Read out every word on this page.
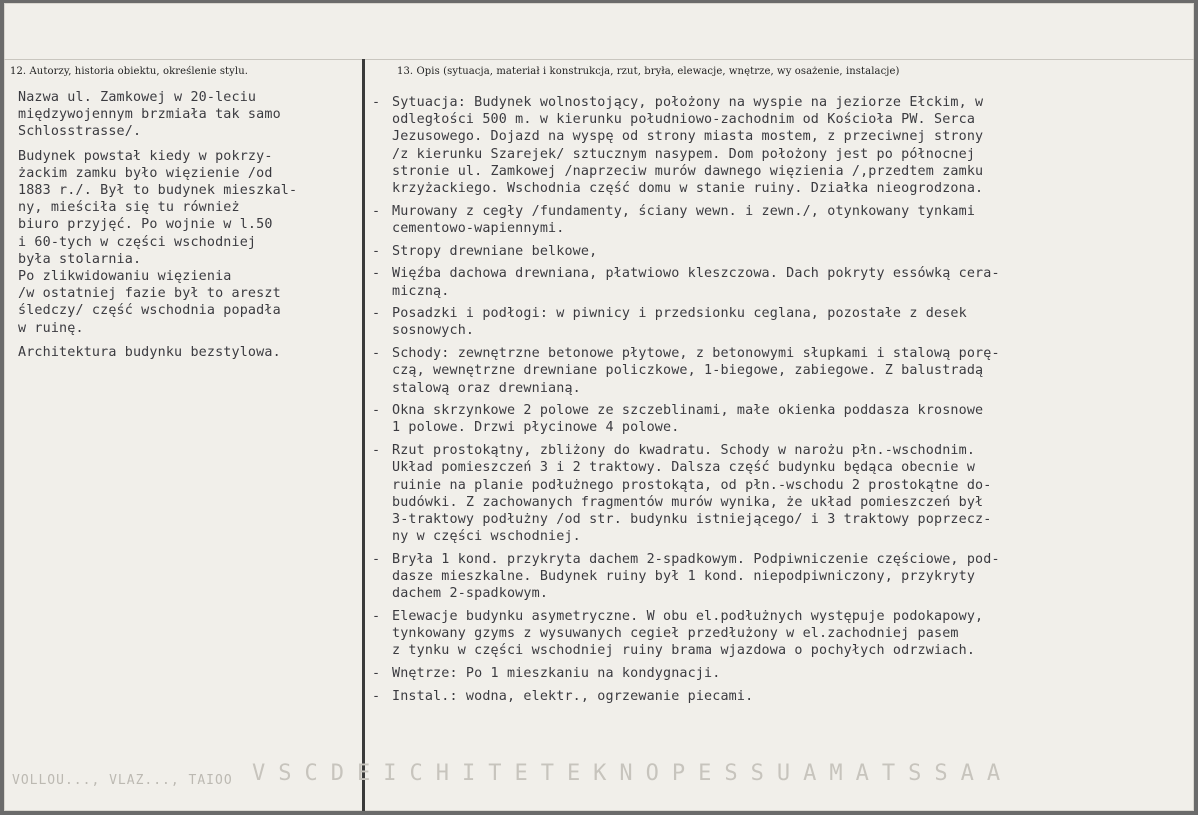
12. Autorzy, historia obiektu, określenie stylu.	13. Opis (sytuacja, materiał i konstrukcja, rzut, bryła, elewacje, wnętrze, wy osażenie, instalacje)
Nazwa ul. Zamkowej w 20-leciu
międzywojennym brzmiała tak samo
Schlosstrasse/.
Budynek powstał kiedy w pokrzy-
żackim zamku było więzienie /od
1883 r./. Był to budynek mieszkal-
ny, mieściła się tu również
biuro przyjęć. Po wojnie w l.50
i 60-tych w części wschodniej
była stolarnia.
Po zlikwidowaniu więzienia
/w ostatniej fazie był to areszt
śledczy/ część wschodnia popadła
w ruinę.
Architektura budynku bezstylowa.
- Sytuacja: Budynek wolnostojący, położony na wyspie na jeziorze Ełckim, w
odległości 500 m. w kierunku południowo-zachodnim od Kościoła PW. Serca
Jezusowego. Dojazd na wyspę od strony miasta mostem, z przeciwnej strony
/z kierunku Szarejek/ sztucznym nasypem. Dom położony jest po północnej
stronie ul. Zamkowej /naprzeciw murów dawnego więzienia /,przedtem zamku
krzyżackiego. Wschodnia część domu w stanie ruiny. Działka nieogrodzona.
- Murowany z cegły /fundamenty, ściany wewn. i zewn./, otynkowany tynkami
cementowo-wapiennymi.
- Stropy drewniane belkowe,
- Więźba dachowa drewniana, płatwiowo kleszczowa. Dach pokryty essówką cera-
miczną.
- Posadzki i podłogi: w piwnicy i przedsionku ceglana, pozostałe z desek
sosnowych.
- Schody: zewnętrzne betonowe płytowe, z betonowymi słupkami i stalową porę-
czą, wewnętrzne drewniane policzkowe, 1-biegowe, zabiegowe. Z balustradą
stalową oraz drewnianą.
- Okna skrzynkowe 2 polowe ze szczeblinami, małe okienka poddasza krosnowe
1 polowe. Drzwi płycinowe 4 polowe.
- Rzut prostokątny, zbliżony do kwadratu. Schody w narożu płn.-wschodnim.
Układ pomieszczeń 3 i 2 traktowy. Dalsza część budynku będąca obecnie w
ruinie na planie podłużnego prostokąta, od płn.-wschodu 2 prostokątne do-
budówki. Z zachowanych fragmentów murów wynika, że układ pomieszczeń był
3-traktowy podłużny /od str. budynku istniejącego/ i 3 traktowy poprzecz-
ny w części wschodniej.
- Bryła 1 kond. przykryta dachem 2-spadkowym. Podpiwniczenie częściowe, pod-
dasze mieszkalne. Budynek ruiny był 1 kond. niepodpiwniczony, przykryty
dachem 2-spadkowym.
- Elewacje budynku asymetryczne. W obu el.podłużnych występuje podokapowy,
tynkowany gzyms z wysuwanych cegieł przedłużony w el.zachodniej pasem
z tynku w części wschodniej ruiny brama wjazdowa o pochyłych odrzwiach.
- Wnętrze: Po 1 mieszkaniu na kondygnacji.
- Instal.: wodna, elektr., ogrzewanie piecami.
VOLLOU..., VLAZ..., TAIOO VSCDEICHITETEKNOPESSUAMATSSAA
